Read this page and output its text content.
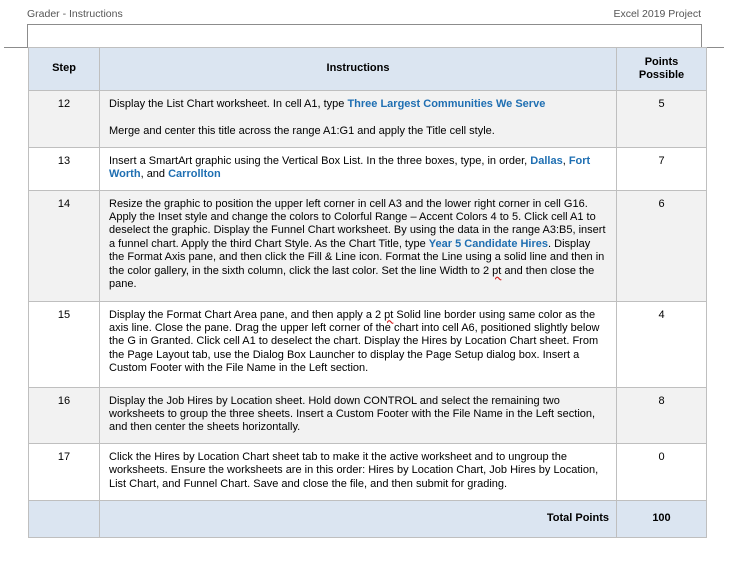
Grader - Instructions	Excel 2019 Project
Step	Instructions	Points
Possible
12	Display the List Chart worksheet. In cell A1, type Three Largest Communities We Serve

Merge and center this title across the range A1:G1 and apply the Title cell style.	5
13	Insert a SmartArt graphic using the Vertical Box List. In the three boxes, type, in order, Dallas, Fort Worth, and Carrollton	7
14	Resize the graphic to position the upper left corner in cell A3 and the lower right corner in cell G16. Apply the Inset style and change the colors to Colorful Range – Accent Colors 4 to 5. Click cell A1 to deselect the graphic. Display the Funnel Chart worksheet. By using the data in the range A3:B5, insert a funnel chart. Apply the third Chart Style. As the Chart Title, type Year 5 Candidate Hires. Display the Format Axis pane, and then click the Fill & Line icon. Format the Line using a solid line and then in the color gallery, in the sixth column, click the last color. Set the line Width to 2 pt and then close the pane.	6
15	Display the Format Chart Area pane, and then apply a 2 pt Solid line border using same color as the axis line. Close the pane. Drag the upper left corner of the chart into cell A6, positioned slightly below the G in Granted. Click cell A1 to deselect the chart. Display the Hires by Location Chart sheet. From the Page Layout tab, use the Dialog Box Launcher to display the Page Setup dialog box. Insert a Custom Footer with the File Name in the Left section.	4
16	Display the Job Hires by Location sheet. Hold down CONTROL and select the remaining two worksheets to group the three sheets. Insert a Custom Footer with the File Name in the Left section, and then center the sheets horizontally.	8
17	Click the Hires by Location Chart sheet tab to make it the active worksheet and to ungroup the worksheets. Ensure the worksheets are in this order: Hires by Location Chart, Job Hires by Location, List Chart, and Funnel Chart. Save and close the file, and then submit for grading.	0
	Total Points	100
